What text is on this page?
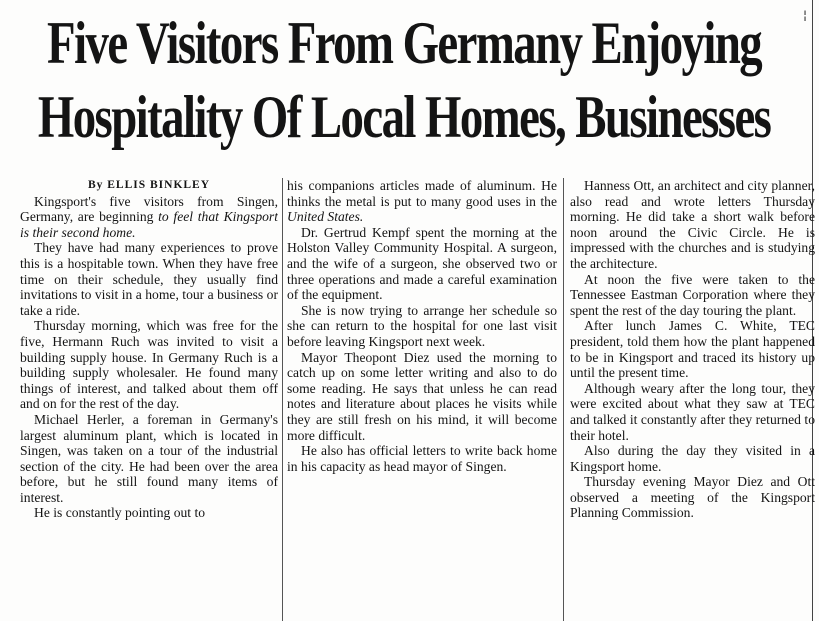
¦
Five Visitors From Germany Enjoying
Hospitality Of Local Homes, Businesses

By ELLIS BINKLEY

Kingsport's five visitors from Singen, Germany, are beginning to feel that Kingsport is their second home.

They have had many experiences to prove this is a hospitable town. When they have free time on their schedule, they usually find invitations to visit in a home, tour a business or take a ride.

Thursday morning, which was free for the five, Hermann Ruch was invited to visit a building supply house. In Germany Ruch is a building supply wholesaler. He found many things of interest, and talked about them off and on for the rest of the day.

Michael Herler, a foreman in Germany's largest aluminum plant, which is located in Singen, was taken on a tour of the industrial section of the city. He had been over the area before, but he still found many items of interest.

He is constantly pointing out to

his companions articles made of aluminum. He thinks the metal is put to many good uses in the United States.

Dr. Gertrud Kempf spent the morning at the Holston Valley Community Hospital. A surgeon, and the wife of a surgeon, she observed two or three operations and made a careful examination of the equipment.

She is now trying to arrange her schedule so she can return to the hospital for one last visit before leaving Kingsport next week.

Mayor Theopont Diez used the morning to catch up on some letter writing and also to do some reading. He says that unless he can read notes and literature about places he visits while they are still fresh on his mind, it will become more difficult.

He also has official letters to write back home in his capacity as head mayor of Singen.

Hanness Ott, an architect and city planner, also read and wrote letters Thursday morning. He did take a short walk before noon around the Civic Circle. He is impressed with the churches and is studying the architecture.

At noon the five were taken to the Tennessee Eastman Corporation where they spent the rest of the day touring the plant.

After lunch James C. White, TEC president, told them how the plant happened to be in Kingsport and traced its history up until the present time.

Although weary after the long tour, they were excited about what they saw at TEC and talked it constantly after they returned to their hotel.

Also during the day they visited in a Kingsport home.

Thursday evening Mayor Diez and Ott observed a meeting of the Kingsport Planning Commission.
